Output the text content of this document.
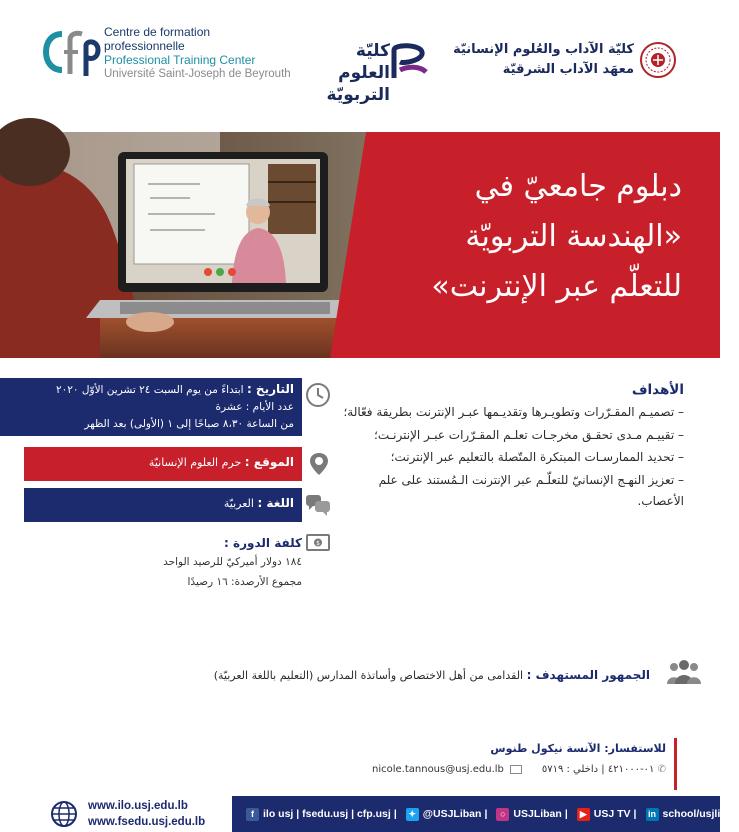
Centre de formation
professionnelle
Professional Training Center
Université Saint-Joseph de Beyrouth
كليّة العلوم
التربويّة
كليّة الآداب والعُلوم الإنسانيّة
معهَد الآداب الشرقيّة
دبلوم جامعيّ في
«الهندسة التربويّة
للتعلّم عبر الإنترنت»
التاريخ : ابتداءً من يوم السبت ٢٤ تشرين الأوّل ٢٠٢٠
عدد الأيام : عشرة
من الساعة ٨،٣٠ صباحًا إلى ١ (الأولى) بعد الظهر
الموقع : حرم العلوم الإنسانيّة
اللغة : العربيّة
كلفة الدورة :
١٨٤ دولار أميركيّ للرصيد الواحد
مجموع الأرصدة: ١٦ رصيدًا
$
الأهداف
– تصميـم المقـرّرات وتطويـرها وتقديـمها عبـر الإنترنت بطريقة فعّالة؛
– تقييـم مـدى تحقـق مخرجـات تعلـم المقـرّرات عبـر الإنترنـت؛
– تحديد الممارسـات المبتكرة المتّصلة بالتعليم عبر الإنترنت؛
– تعزيز النهـج الإنسانيّ للتعلّـم عبر الإنترنت الـمُستند على علم الأعصاب.
الجمهور المستهدف : القدامى من أهل الاختصاص وأساتذة المدارس (التعليم باللغة العربيّة)
للاستفسار: الآنسة نيكول طنوس
nicole.tannous@usj.edu.lb	✆ ٠١-٤٢١٠٠٠ | داخلي : ٥٧١٩
www.ilo.usj.edu.lb
www.fsedu.usj.edu.lb
f ilo usj | fsedu.usj | cfp.usj |	✦ @USJLiban |	○ USJLiban |	▶ USJ TV | in school/usjliban
